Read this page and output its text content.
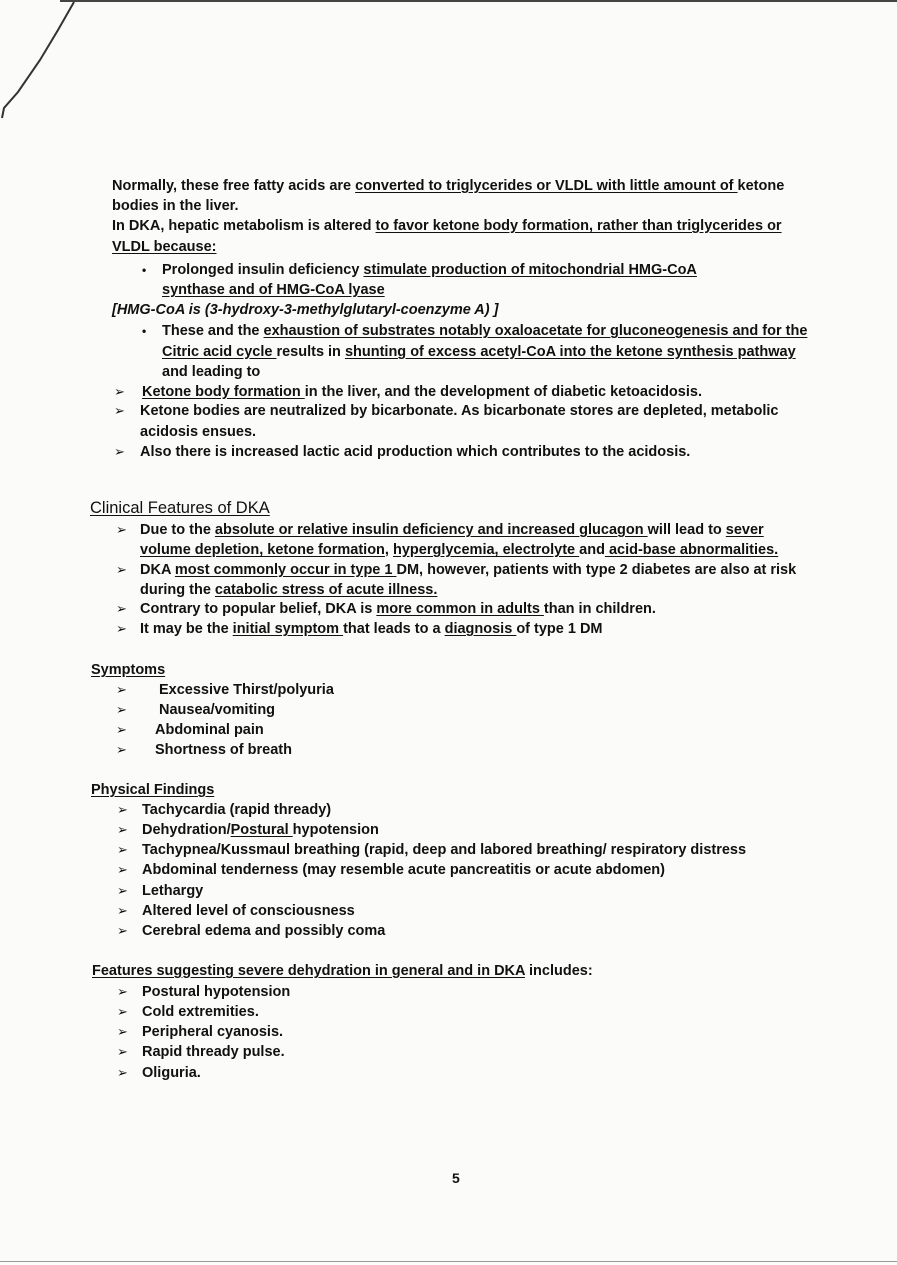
Normally, these free fatty acids are converted to triglycerides or VLDL with little amount of ketone
bodies in the liver.
In DKA, hepatic metabolism is altered to favor ketone body formation, rather than triglycerides or
VLDL because:
• Prolonged insulin deficiency stimulate production of mitochondrial HMG-CoA
synthase and of HMG-CoA lyase
[HMG-CoA is (3-hydroxy-3-methylglutaryl-coenzyme A) ]
• These and the exhaustion of substrates notably oxaloacetate for gluconeogenesis and for the
Citric acid cycle results in shunting of excess acetyl-CoA into the ketone synthesis pathway
and leading to
➢ Ketone body formation in the liver, and the development of diabetic ketoacidosis.
➢ Ketone bodies are neutralized by bicarbonate. As bicarbonate stores are depleted, metabolic
acidosis ensues.
➢ Also there is increased lactic acid production which contributes to the acidosis.
Clinical Features of DKA
➢ Due to the absolute or relative insulin deficiency and increased glucagon will lead to sever
volume depletion, ketone formation, hyperglycemia, electrolyte and acid-base abnormalities.
➢ DKA most commonly occur in type 1 DM, however, patients with type 2 diabetes are also at risk
during the catabolic stress of acute illness.
➢ Contrary to popular belief, DKA is more common in adults than in children.
➢ It may be the initial symptom that leads to a diagnosis of type 1 DM
Symptoms
➢ Excessive Thirst/polyuria
➢ Nausea/vomiting
➢ Abdominal pain
➢ Shortness of breath
Physical Findings
➢ Tachycardia (rapid thready)
➢ Dehydration/Postural hypotension
➢ Tachypnea/Kussmaul breathing (rapid, deep and labored breathing/ respiratory distress
➢ Abdominal tenderness (may resemble acute pancreatitis or acute abdomen)
➢ Lethargy
➢ Altered level of consciousness
➢ Cerebral edema and possibly coma
Features suggesting severe dehydration in general and in DKA includes:
➢ Postural hypotension
➢ Cold extremities.
➢ Peripheral cyanosis.
➢ Rapid thready pulse.
➢ Oliguria.
5
